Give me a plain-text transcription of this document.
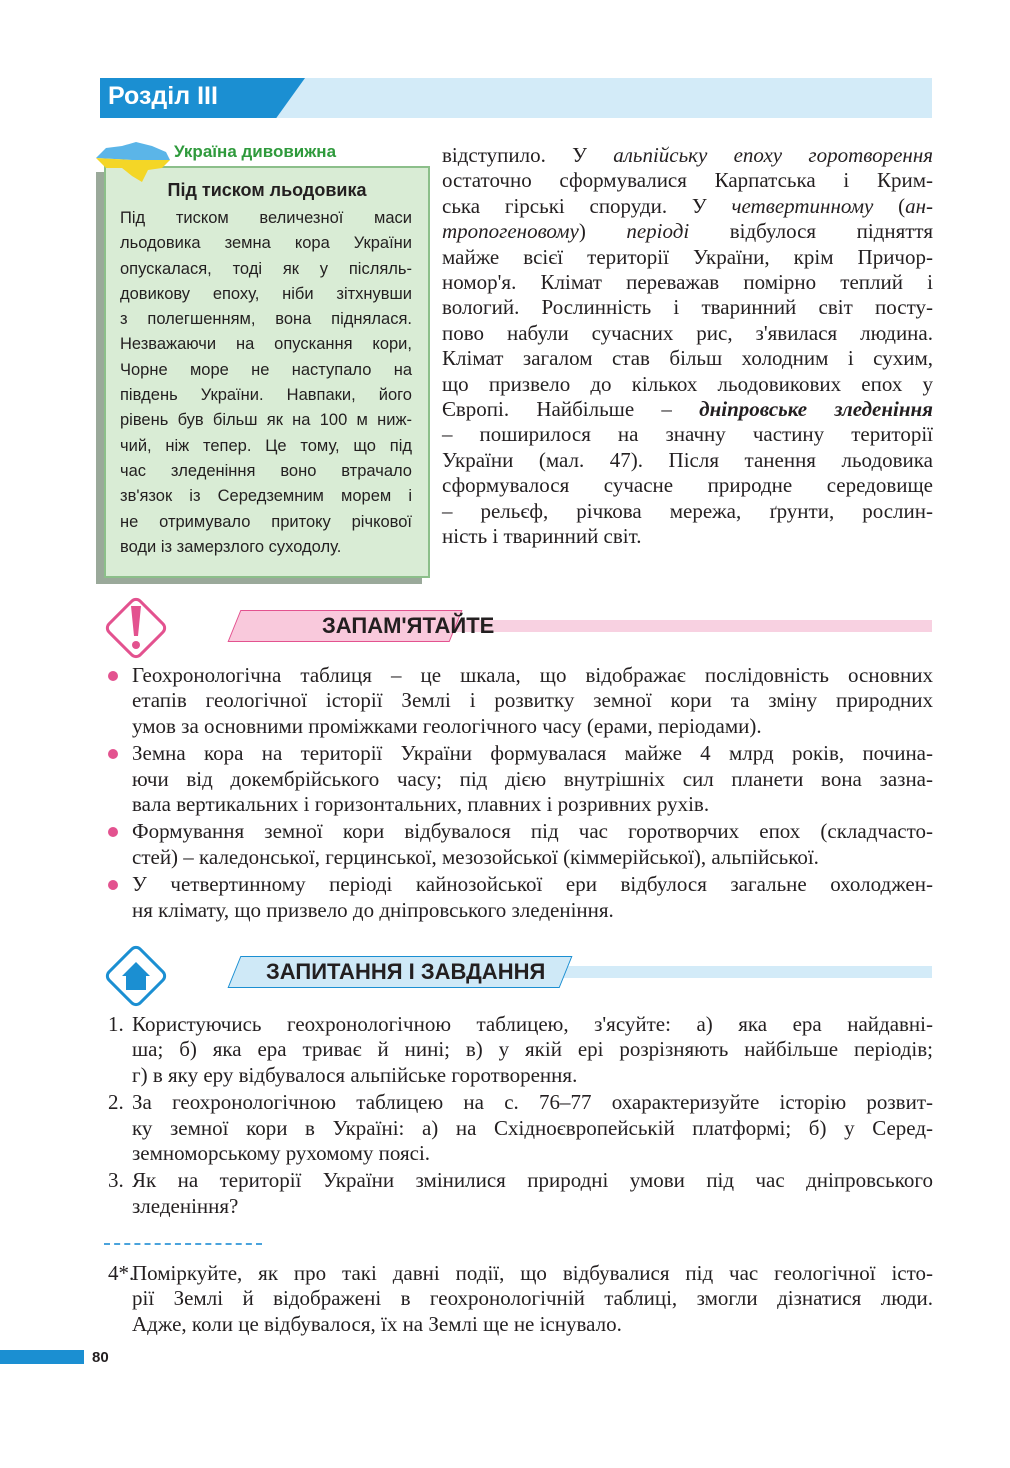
Розділ III
Україна дивовижна
Під тиском льодовика
Під тиском величезної маси
льодовика земна кора України
опускалася, тоді як у післяль-
довикову епоху, ніби зітхнувши
з полегшенням, вона піднялася.
Незважаючи на опускання кори,
Чорне море не наступало на
південь України. Навпаки, його
рівень був більш як на 100 м ниж-
чий, ніж тепер. Це тому, що під
час зледеніння воно втрачало
зв'язок із Середземним морем і
не отримувало притоку річкової
води із замерзлого суходолу.
відступило. У альпійську епоху горотворення
остаточно сформувалися Карпатська і Крим-
ська гірські споруди. У четвертинному (ан-
тропогеновому) періоді відбулося підняття
майже всієї території України, крім Причор-
номор'я. Клімат переважав помірно теплий і
вологий. Рослинність і тваринний світ посту-
пово набули сучасних рис, з'явилася людина.
Клімат загалом став більш холодним і сухим,
що призвело до кількох льодовикових епох у
Європі. Найбільше – дніпровське зледеніння
– поширилося на значну частину території
України (мал. 47). Після танення льодовика
сформувалося сучасне природне середовище
– рельєф, річкова мережа, ґрунти, рослин-
ність і тваринний світ.
ЗАПАМ'ЯТАЙТЕ
Геохронологічна таблиця – це шкала, що відображає послідовність основних
етапів геологічної історії Землі і розвитку земної кори та зміну природних
умов за основними проміжками геологічного часу (ерами, періодами).
Земна кора на території України формувалася майже 4 млрд років, почина-
ючи від докембрійського часу; під дією внутрішніх сил планети вона зазна-
вала вертикальних і горизонтальних, плавних і розривних рухів.
Формування земної кори відбувалося під час горотворчих епох (складчасто-
стей) – каледонської, герцинської, мезозойської (кіммерійської), альпійської.
У четвертинному періоді кайнозойської ери відбулося загальне охолоджен-
ня клімату, що призвело до дніпровського зледеніння.
ЗАПИТАННЯ І ЗАВДАННЯ
1. Користуючись геохронологічною таблицею, з'ясуйте: а) яка ера найдавні-
ша; б) яка ера триває й нині; в) у якій ері розрізняють найбільше періодів;
г) в яку еру відбувалося альпійське горотворення.
2. За геохронологічною таблицею на с. 76–77 охарактеризуйте історію розвит-
ку земної кори в Україні: а) на Східноєвропейській платформі; б) у Серед-
земноморському рухомому поясі.
3. Як на території України змінилися природні умови під час дніпровського
зледеніння?
4*.
Поміркуйте, як про такі давні події, що відбувалися під час геологічної істо-
рії Землі й відображені в геохронологічній таблиці, змогли дізнатися люди.
Адже, коли це відбувалося, їх на Землі ще не існувало.
80
